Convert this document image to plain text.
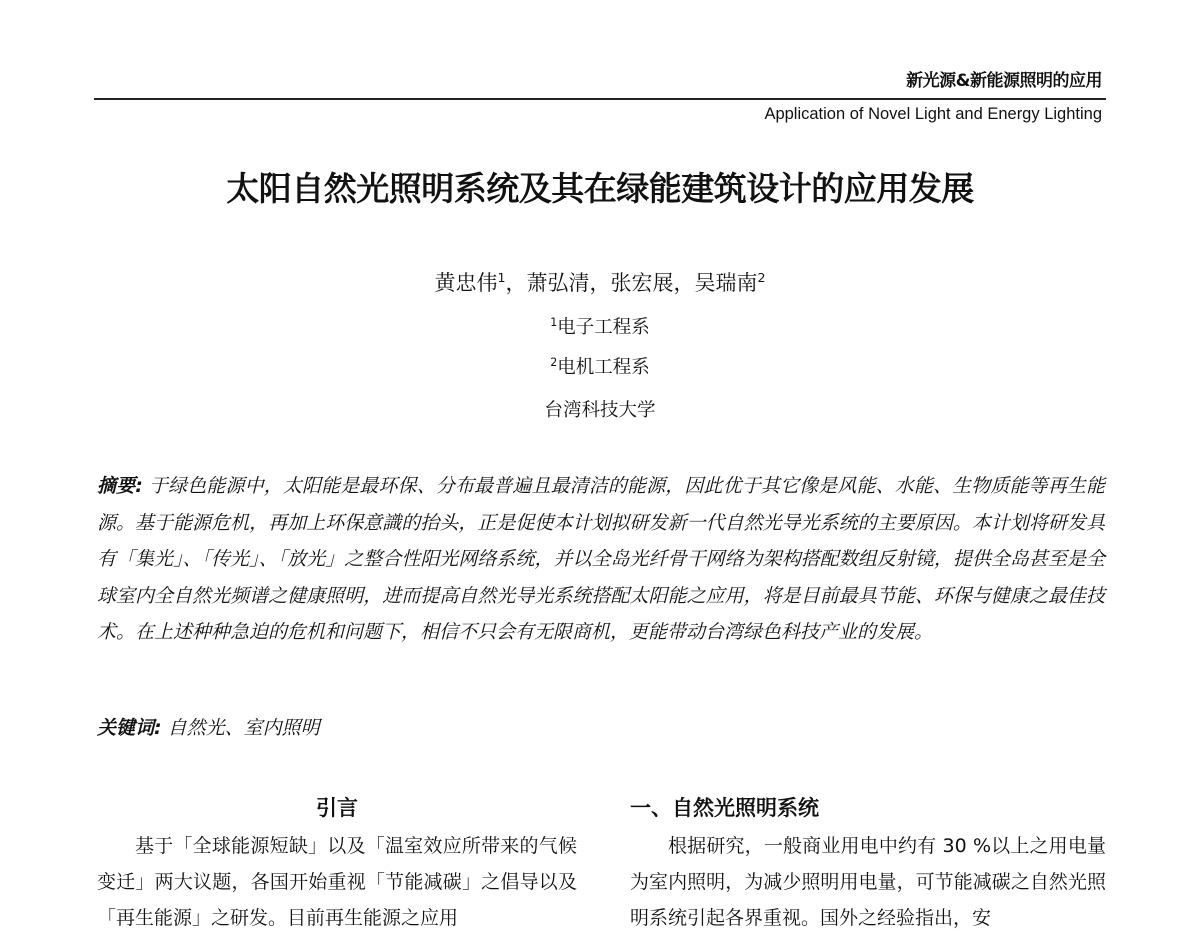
新光源&新能源照明的应用
Application of Novel Light and Energy Lighting
太阳自然光照明系统及其在绿能建筑设计的应用发展
黄忠伟$^1$，萧弘清，张宏展，吴瑞南$^2$
$^1$电子工程系
$^2$电机工程系
台湾科技大学
摘要: 于绿色能源中，太阳能是最环保、分布最普遍且最清洁的能源，因此优于其它像是风能、水能、生物质能等再生能源。基于能源危机，再加上环保意識的抬头，正是促使本计划拟研发新一代自然光导光系统的主要原因。本计划将研发具有「集光」、「传光」、「放光」之整合性阳光网络系统，并以全岛光纤骨干网络为架构搭配数组反射镜，提供全岛甚至是全球室内全自然光频谱之健康照明，进而提高自然光导光系统搭配太阳能之应用，将是目前最具节能、环保与健康之最佳技术。在上述种种急迫的危机和问题下，相信不只会有无限商机，更能带动台湾绿色科技产业的发展。
关键词: 自然光、室内照明
引言

基于「全球能源短缺」以及「温室效应所带来的气候变迁」两大议题，各国开始重视「节能减碳」之倡导以及「再生能源」之研发。目前再生能源之应用

一、自然光照明系统

根据研究，一般商业用电中约有 30 %以上之用电量为室内照明，为减少照明用电量，可节能减碳之自然光照明系统引起各界重视。国外之经验指出，安
